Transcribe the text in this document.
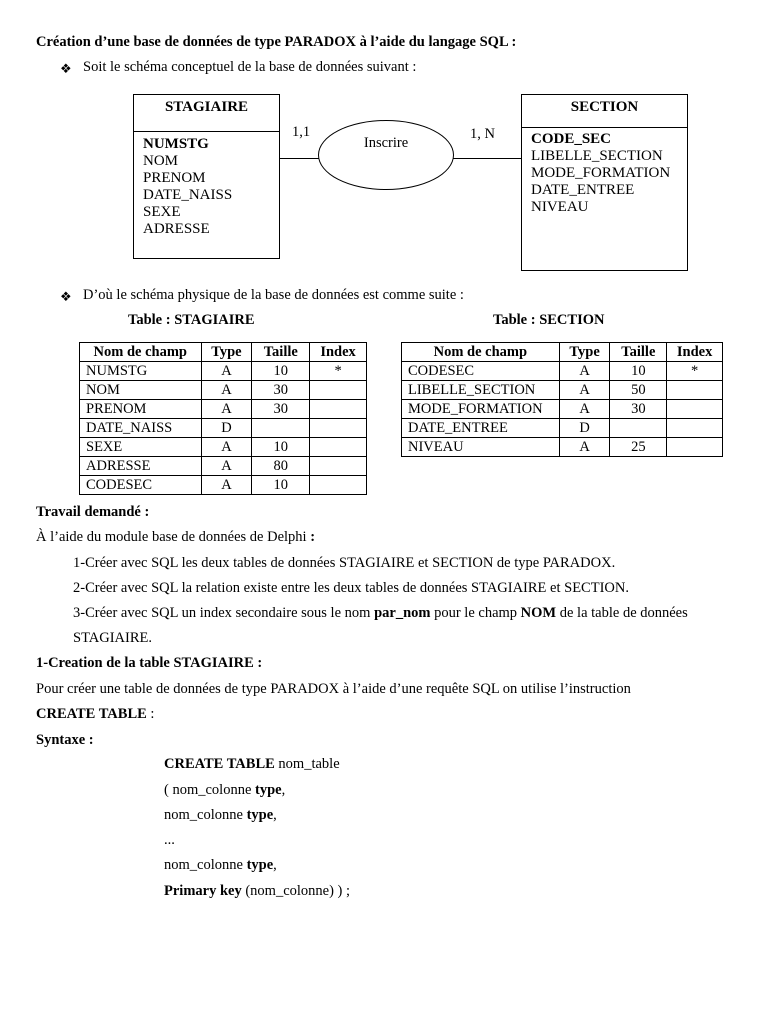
Création d’une base de données de type PARADOX à l’aide du langage SQL :
❖ Soit le schéma conceptuel de la base de données suivant :
STAGIAIRE
NUMSTG
NOM
PRENOM
DATE_NAISS
SEXE
ADRESSE
Inscrire
1,1	1, N
SECTION
CODE_SEC
LIBELLE_SECTION
MODE_FORMATION
DATE_ENTREE
NIVEAU
❖ D’où le schéma physique de la base de données est comme suite :
Table : STAGIAIRE	Table : SECTION
Nom de champ	Type	Taille	Index
NUMSTG	A	10	*
NOM	A	30	
PRENOM	A	30	
DATE_NAISS	D		
SEXE	A	10	
ADRESSE	A	80	
CODESEC	A	10	
Nom de champ	Type	Taille	Index
CODESEC	A	10	*
LIBELLE_SECTION	A	50	
MODE_FORMATION	A	30	
DATE_ENTREE	D		
NIVEAU	A	25	
Travail demandé :
À l’aide du module base de données de Delphi :
1-Créer avec SQL les deux tables de données STAGIAIRE et SECTION de type PARADOX.
2-Créer avec SQL la relation existe entre les deux tables de données STAGIAIRE et SECTION.
3-Créer avec SQL un index secondaire sous le nom par_nom pour le champ NOM de la table de données
STAGIAIRE.
1-Creation de la table STAGIAIRE :
Pour créer une table de données de type PARADOX à l’aide d’une requête SQL on utilise l’instruction
CREATE TABLE :
Syntaxe :
CREATE TABLE nom_table
( nom_colonne type,
nom_colonne type,
...
nom_colonne type,
Primary key (nom_colonne) ) ;
